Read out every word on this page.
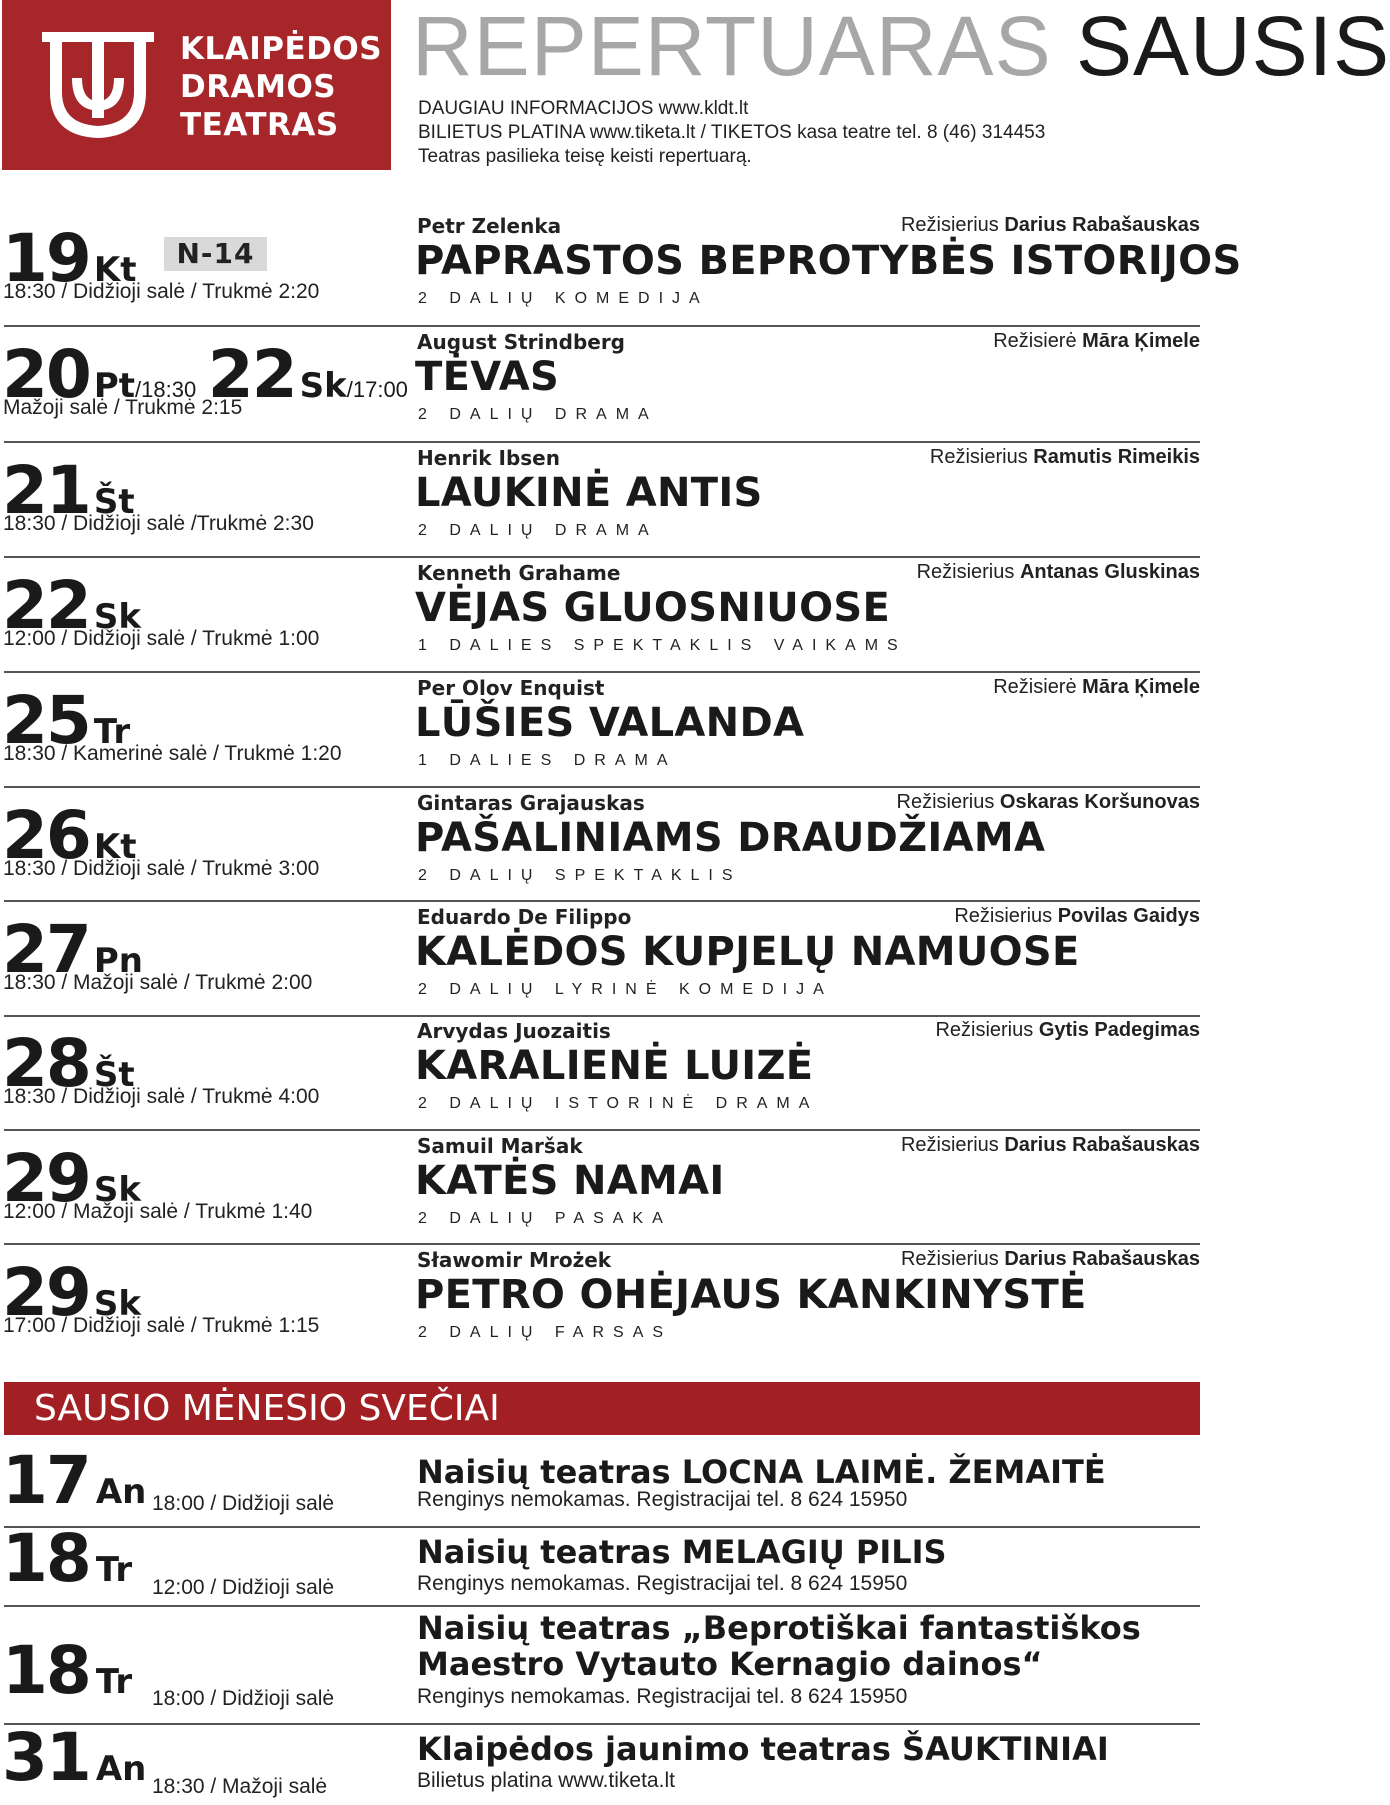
KLAIPĖDOS
DRAMOS
TEATRAS
REPERTUARAS SAUSIS
DAUGIAU INFORMACIJOS www.kldt.lt
BILIETUS PLATINA www.tiketa.lt / TIKETOS kasa teatre tel. 8 (46) 314453
Teatras pasilieka teisę keisti repertuarą.
19 Kt N-14
18:30 / Didžioji salė / Trukmė 2:20
Petr Zelenka	Režisierius Darius Rabašauskas
PAPRASTOS BEPROTYBĖS ISTORIJOS
2 DALIŲ KOMEDIJA
20 Pt/18:30 22 Sk/17:00
Mažoji salė / Trukmė 2:15
August Strindberg	Režisierė Māra Ķimele
TĖVAS
2 DALIŲ DRAMA
21 Št
18:30 / Didžioji salė /Trukmė 2:30
Henrik Ibsen	Režisierius Ramutis Rimeikis
LAUKINĖ ANTIS
2 DALIŲ DRAMA
22 Sk
12:00 / Didžioji salė / Trukmė 1:00
Kenneth Grahame	Režisierius Antanas Gluskinas
VĖJAS GLUOSNIUOSE
1 DALIES SPEKTAKLIS VAIKAMS
25 Tr
18:30 / Kamerinė salė / Trukmė 1:20
Per Olov Enquist	Režisierė Māra Ķimele
LŪŠIES VALANDA
1 DALIES DRAMA
26 Kt
18:30 / Didžioji salė / Trukmė 3:00
Gintaras Grajauskas	Režisierius Oskaras Koršunovas
PAŠALINIAMS DRAUDŽIAMA
2 DALIŲ SPEKTAKLIS
27 Pn
18:30 / Mažoji salė / Trukmė 2:00
Eduardo De Filippo	Režisierius Povilas Gaidys
KALĖDOS KUPJELŲ NAMUOSE
2 DALIŲ LYRINĖ KOMEDIJA
28 Št
18:30 / Didžioji salė / Trukmė 4:00
Arvydas Juozaitis	Režisierius Gytis Padegimas
KARALIENĖ LUIZĖ
2 DALIŲ ISTORINĖ DRAMA
29 Sk
12:00 / Mažoji salė / Trukmė 1:40
Samuil Maršak	Režisierius Darius Rabašauskas
KATĖS NAMAI
2 DALIŲ PASAKA
29 Sk
17:00 / Didžioji salė / Trukmė 1:15
Sławomir Mrożek	Režisierius Darius Rabašauskas
PETRO OHĖJAUS KANKINYSTĖ
2 DALIŲ FARSAS
SAUSIO MĖNESIO SVEČIAI
17 An 18:00 / Didžioji salė
Naisių teatras LOCNA LAIMĖ. ŽEMAITĖ
Renginys nemokamas. Registracijai tel. 8 624 15950
18 Tr 12:00 / Didžioji salė
Naisių teatras MELAGIŲ PILIS
Renginys nemokamas. Registracijai tel. 8 624 15950
18 Tr 18:00 / Didžioji salė
Naisių teatras „Beprotiškai fantastiškos
Maestro Vytauto Kernagio dainos“
Renginys nemokamas. Registracijai tel. 8 624 15950
31 An 18:30 / Mažoji salė
Klaipėdos jaunimo teatras ŠAUKTINIAI
Bilietus platina www.tiketa.lt
